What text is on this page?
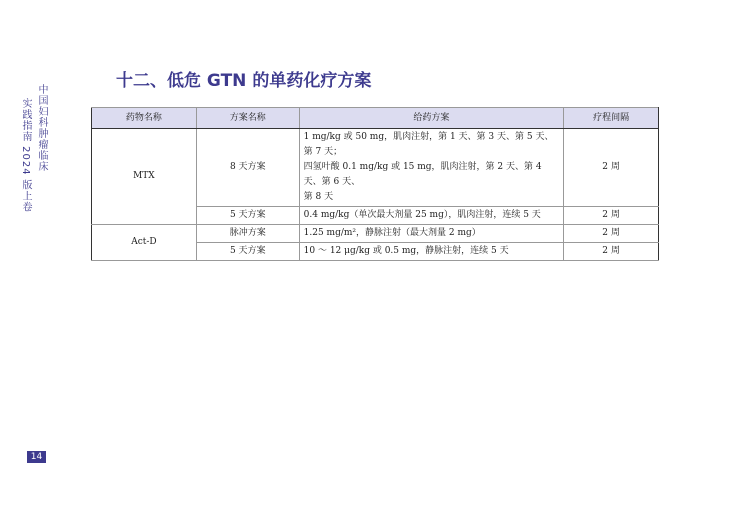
中国妇科肿瘤临床
实践指南 2024 版上卷
十二、低危 GTN 的单药化疗方案
药物名称	方案名称	给药方案	疗程间隔
MTX	8 天方案	1 mg/kg 或 50 mg，肌肉注射，第 1 天、第 3 天、第 5 天、第 7 天；
四氢叶酸 0.1 mg/kg 或 15 mg，肌肉注射，第 2 天、第 4 天、第 6 天、
第 8 天	2 周
	5 天方案	0.4 mg/kg（单次最大剂量 25 mg），肌肉注射，连续 5 天	2 周
Act-D	脉冲方案	1.25 mg/m²，静脉注射（最大剂量 2 mg）	2 周
	5 天方案	10 ～ 12 μg/kg 或 0.5 mg，静脉注射，连续 5 天	2 周
14
